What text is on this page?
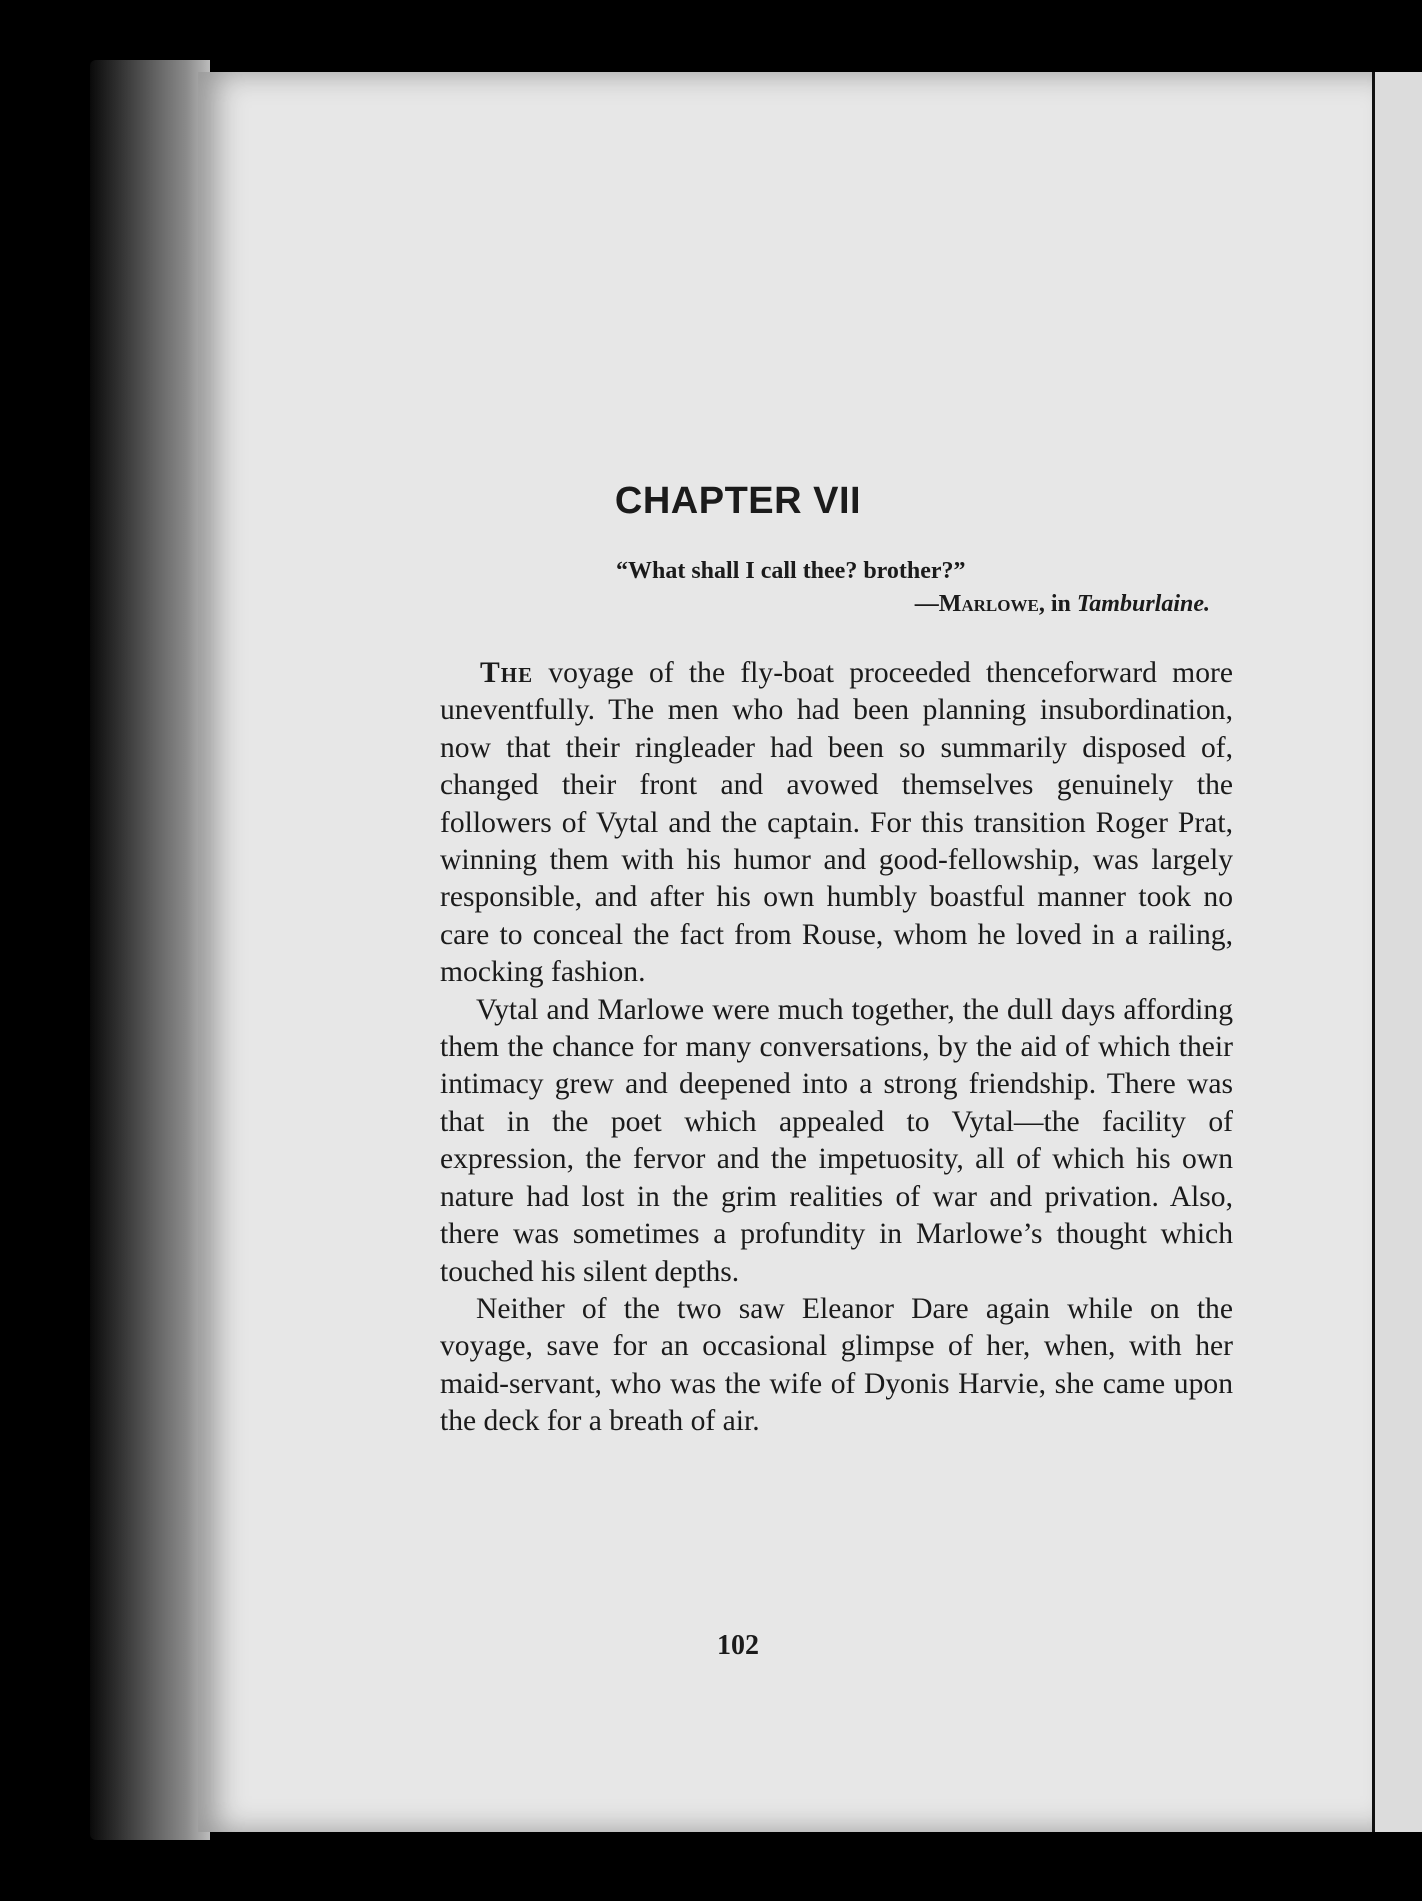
CHAPTER VII
“What shall I call thee? brother?”
—Marlowe, in Tamburlaine.

The voyage of the fly-boat proceeded thenceforward more uneventfully. The men who had been planning insubordination, now that their ringleader had been so summarily disposed of, changed their front and avowed themselves genuinely the followers of Vytal and the captain. For this transition Roger Prat, winning them with his humor and good-fellowship, was largely responsible, and after his own humbly boastful manner took no care to conceal the fact from Rouse, whom he loved in a railing, mocking fashion.

Vytal and Marlowe were much together, the dull days affording them the chance for many conversations, by the aid of which their intimacy grew and deepened into a strong friendship. There was that in the poet which appealed to Vytal—the facility of expression, the fervor and the impetuosity, all of which his own nature had lost in the grim realities of war and privation. Also, there was sometimes a profundity in Marlowe’s thought which touched his silent depths.

Neither of the two saw Eleanor Dare again while on the voyage, save for an occasional glimpse of her, when, with her maid-servant, who was the wife of Dyonis Harvie, she came upon the deck for a breath of air.

102
